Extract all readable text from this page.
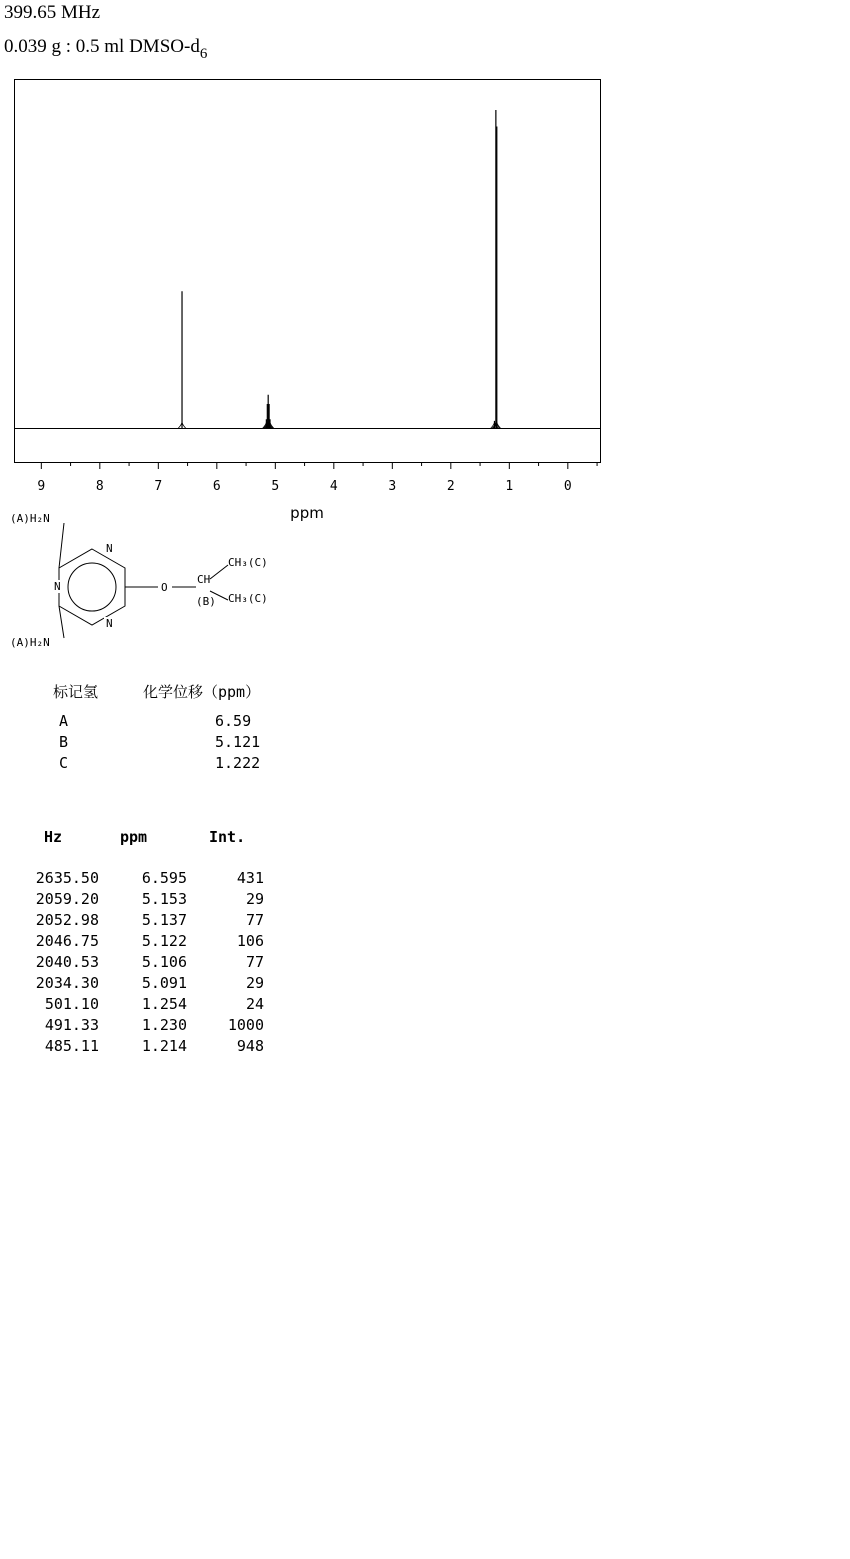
399.65 MHz
0.039 g : 0.5 ml DMSO-$d_6$
9	8	7	6	5	4	3	2	1	0
ppm
(A)H₂N
(A)H₂N
N
N
N
O
CH
(B)
CH₃(C)
CH₃(C)
标记氢	化学位移（ppm）
A	6.59
B	5.121
C	1.222
Hz	ppm	Int.
2635.50	6.595	431
2059.20	5.153	29
2052.98	5.137	77
2046.75	5.122	106
2040.53	5.106	77
2034.30	5.091	29
501.10	1.254	24
491.33	1.230	1000
485.11	1.214	948
